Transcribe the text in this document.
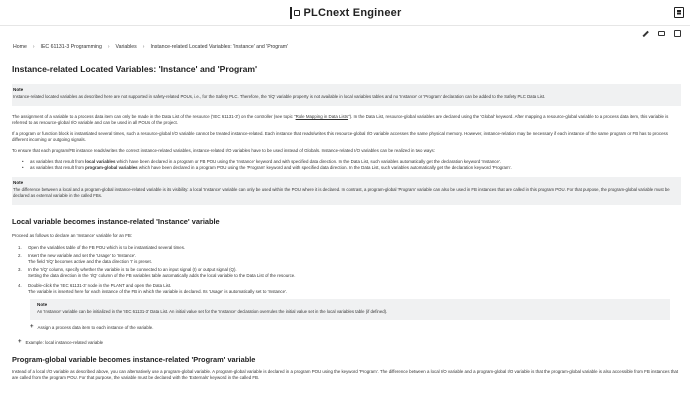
PLCnext Engineer
Home › IEC 61131-3 Programming › Variables › Instance-related Located Variables: 'Instance' and 'Program'
Instance-related Located Variables: 'Instance' and 'Program'
Note
Instance-related located variables as described here are not supported in safety-related POUs, i.e., for the Safety PLC. Therefore, the 'I/Q' variable property is not available in local variables tables and no 'Instance' or 'Program' declaration can be added to the Safety PLC Data List.
The assignment of a variable to a process data item can only be made in the Data List of the resource ('IEC 61131-3') on the controller (see topic "Role Mapping in Data Lists"). In the Data List, resource-global variables are declared using the 'Global' keyword. After mapping a resource-global variable to a process data item, this variable is referred to as resource-global I/O variable and can be used in all POUs of the project.
If a program or function block is instantiated several times, such a resource-global I/O variable cannot be treated instance-related. Each instance that reads/writes this resource-global I/O variable accesses the same physical memory. However, instance-relation may be necessary if each instance of the same program or FB has to process different incoming or outgoing signals.
To ensure that each program/FB instance reads/writes the correct instance-related variables, instance-related I/O variables have to be used instead of Globals. Instance-related I/O variables can be realized in two ways:
• as variables that result from local variables which have been declared in a program or FB POU using the 'Instance' keyword and with specified data direction. In the Data List, such variables automatically get the declaration keyword 'Instance'.
• as variables that result from program-global variables which have been declared in a program POU using the 'Program' keyword and with specified data direction. In the Data List, such variables automatically get the declaration keyword 'Program'.
Note
The difference between a local and a program-global instance-related variable is its visibility: a local 'Instance' variable can only be used within the POU where it is declared. In contrast, a program-global 'Program' variable can also be used in FB instances that are called in this program POU. For that purpose, the program-global variable must be declared as external variable in the called FBs.
Local variable becomes instance-related 'Instance' variable
Proceed as follows to declare an 'Instance' variable for an FB:
1.	Open the variables table of the FB POU which is to be instantiated several times.
2.	Insert the new variable and set the 'Usage' to 'Instance'.
The field 'I/Q' becomes active and the data direction 'I' is preset.
3.	In the 'I/Q' column, specify whether the variable is to be connected to an input signal (I) or output signal (Q).
Setting the data direction in the 'I/Q' column of the FB variables table automatically adds the local variable to the Data List of the resource.
4.	Double-click the 'IEC 61131-3' node in the PLANT and open the Data List.
The variable is inserted here for each instance of the FB in which the variable is declared. Its 'Usage' is automatically set to 'Instance'.
Note
An 'Instance' variable can be initialized in the 'IEC 61131-3' Data List. An initial value set for the 'Instance' declaration overrules the initial value set in the local variables table (if defined).
+ Assign a process data item to each instance of the variable.
+ Example: local instance-related variable
Program-global variable becomes instance-related 'Program' variable
Instead of a local I/O variable as described above, you can alternatively use a program-global variable. A program-global variable is declared in a program POU using the keyword 'Program'. The difference between a local I/O variable and a program-global I/O variable is that the program-global variable is also accessible from FB instances that are called from the program POU. For that purpose, the variable must be declared with the 'Externals' keyword in the called FB.
